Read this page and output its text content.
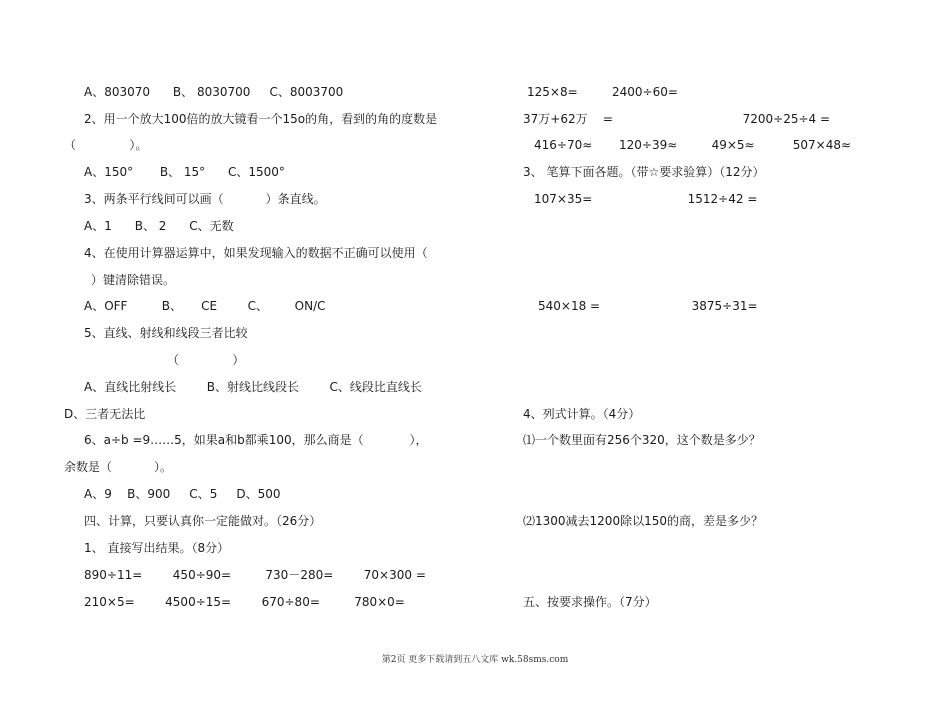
A、803070      B、 8030700     C、8003700
2、用一个放大100倍的放大镜看一个15o的角，看到的角的度数是
（              ）。
A、150°       B、 15°      C、1500°
3、两条平行线间可以画（           ）条直线。
A、1      B、 2      C、无数
4、在使用计算器运算中，如果发现输入的数据不正确可以使用（
）键清除错误。
A、OFF         B、     CE        C、       ON/C
5、直线、射线和线段三者比较
（              ）
A、直线比射线长        B、射线比线段长        C、线段比直线长
D、三者无法比
6、a÷b =9……5，如果a和b都乘100，那么商是（            ），
余数是（           ）。
A、9    B、900     C、5     D、500
四、计算，只要认真你一定能做对。（26分）
1、 直接写出结果。（8分）
890÷11=        450÷90=         730－280=        70×300 =
210×5=        4500÷15=        670÷80=         780×0=
125×8=         2400÷60=
37万+62万    =                                  7200÷25÷4 =
416÷70≈       120÷39≈         49×5≈          507×48≈
3、 笔算下面各题。（带☆要求验算）（12分）
107×35=                         1512÷42 =
540×18 =                        3875÷31=
4、列式计算。（4分）
⑴一个数里面有256个320，这个数是多少？
⑵1300减去1200除以150的商，差是多少？
五、按要求操作。（7分）
第2页 更多下载请到五八文库 wk.58sms.com
